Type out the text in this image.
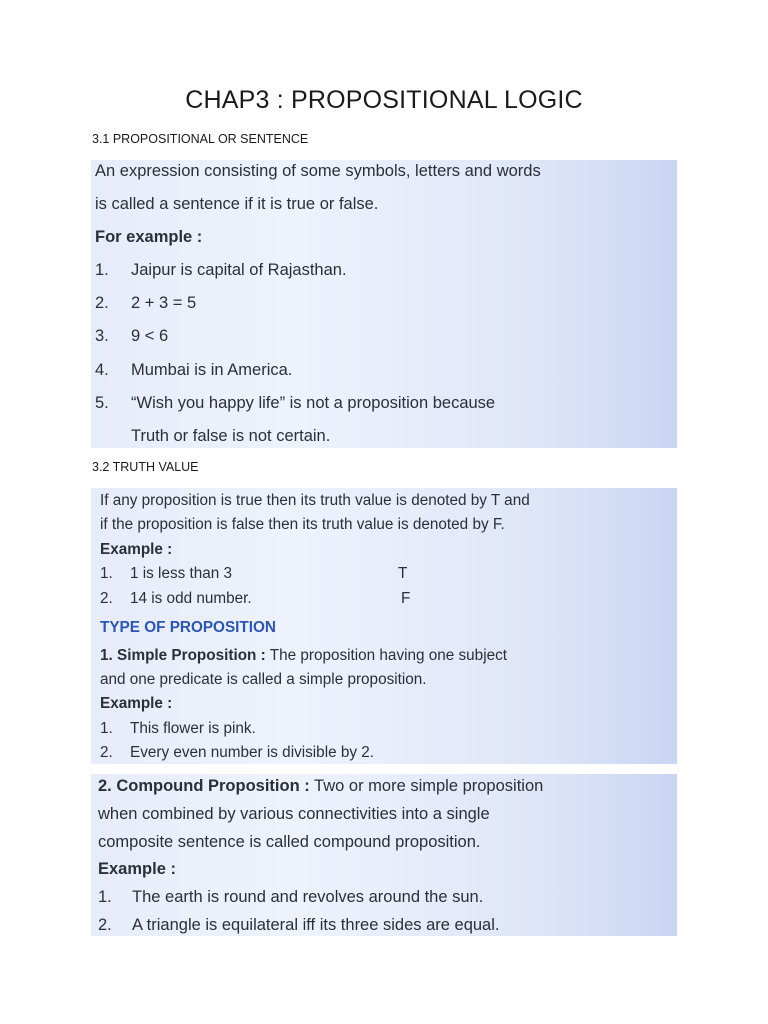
CHAP3 : PROPOSITIONAL LOGIC
3.1 PROPOSITIONAL OR SENTENCE
An expression consisting of some symbols, letters and words
is called a sentence if it is true or false.
For example :
1. Jaipur is capital of Rajasthan.
2. 2 + 3 = 5
3. 9 < 6
4. Mumbai is in America.
5. “Wish you happy life” is not a proposition because
Truth or false is not certain.
3.2 TRUTH VALUE
If any proposition is true then its truth value is denoted by T and
if the proposition is false then its truth value is denoted by F.
Example :
1. 1 is less than 3	T
2. 14 is odd number.	F
TYPE OF PROPOSITION
1. Simple Proposition : The proposition having one subject
and one predicate is called a simple proposition.
Example :
1. This flower is pink.
2. Every even number is divisible by 2.
2. Compound Proposition : Two or more simple proposition
when combined by various connectivities into a single
composite sentence is called compound proposition.
Example :
1. The earth is round and revolves around the sun.
2. A triangle is equilateral iff its three sides are equal.
